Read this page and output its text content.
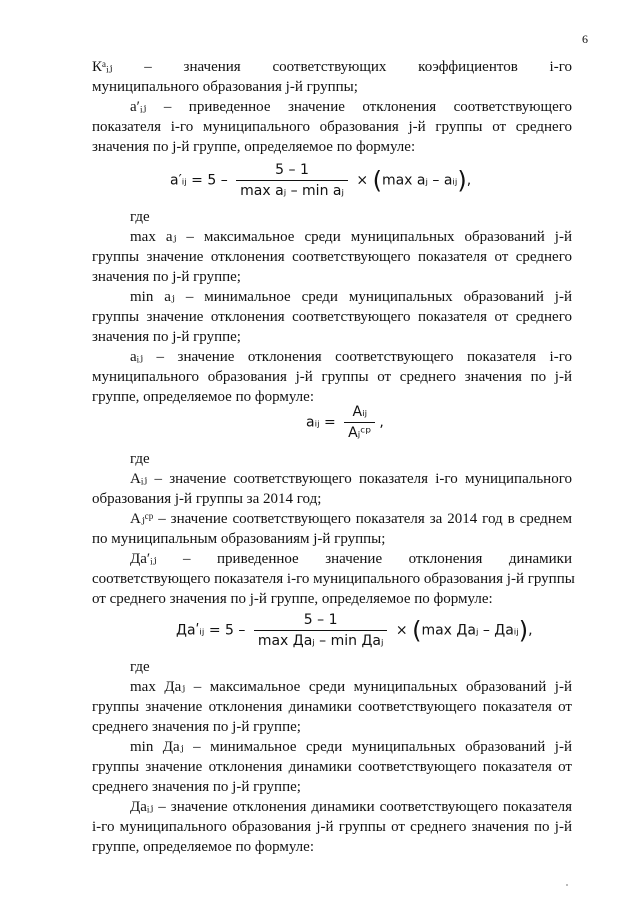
6
Кᵃᵢⱼ – значения соответствующих коэффициентов i-го
муниципального образования j-й группы;
a′ᵢⱼ – приведенное значение отклонения соответствующего
показателя i-го муниципального образования j-й группы от среднего
значения по j-й группе, определяемое по формуле:
a′ᵢⱼ = $5 - \frac{5 - 1}{\text{max aⱼ – min aⱼ}} \times (\max$ aⱼ – aᵢⱼ),
где
max aⱼ – максимальное среди муниципальных образований j-й
группы значение отклонения соответствующего показателя от среднего
значения по j-й группе;
min aⱼ – минимальное среди муниципальных образований j-й
группы значение отклонения соответствующего показателя от среднего
значения по j-й группе;
aᵢⱼ – значение отклонения соответствующего показателя i-го
муниципального образования j-й группы от среднего значения по j-й
группе, определяемое по формуле:
aᵢⱼ = $\frac{\text{Aᵢⱼ}}{\text{Aⱼᶜᵖ}}$ ,
где
Aᵢⱼ – значение соответствующего показателя i-го муниципального
образования j-й группы за 2014 год;
Aⱼᶜᵖ – значение соответствующего показателя за 2014 год в среднем
по муниципальным образованиям j-й группы;
Даʹᵢⱼ – приведенное значение отклонения динамики
соответствующего показателя i-го муниципального образования j-й группы
от среднего значения по j-й группе, определяемое по формуле:
Даʹᵢⱼ = $5 - \frac{5 - 1}{\text{max Даⱼ – min Даⱼ}} \times (\max$ Даⱼ – Даᵢⱼ),
где
max Даⱼ – максимальное среди муниципальных образований j-й
группы значение отклонения динамики соответствующего показателя от
среднего значения по j-й группе;
min Даⱼ – минимальное среди муниципальных образований j-й
группы значение отклонения динамики соответствующего показателя от
среднего значения по j-й группе;
Даᵢⱼ – значение отклонения динамики соответствующего показателя
i-го муниципального образования j-й группы от среднего значения по j-й
группе, определяемое по формуле:
